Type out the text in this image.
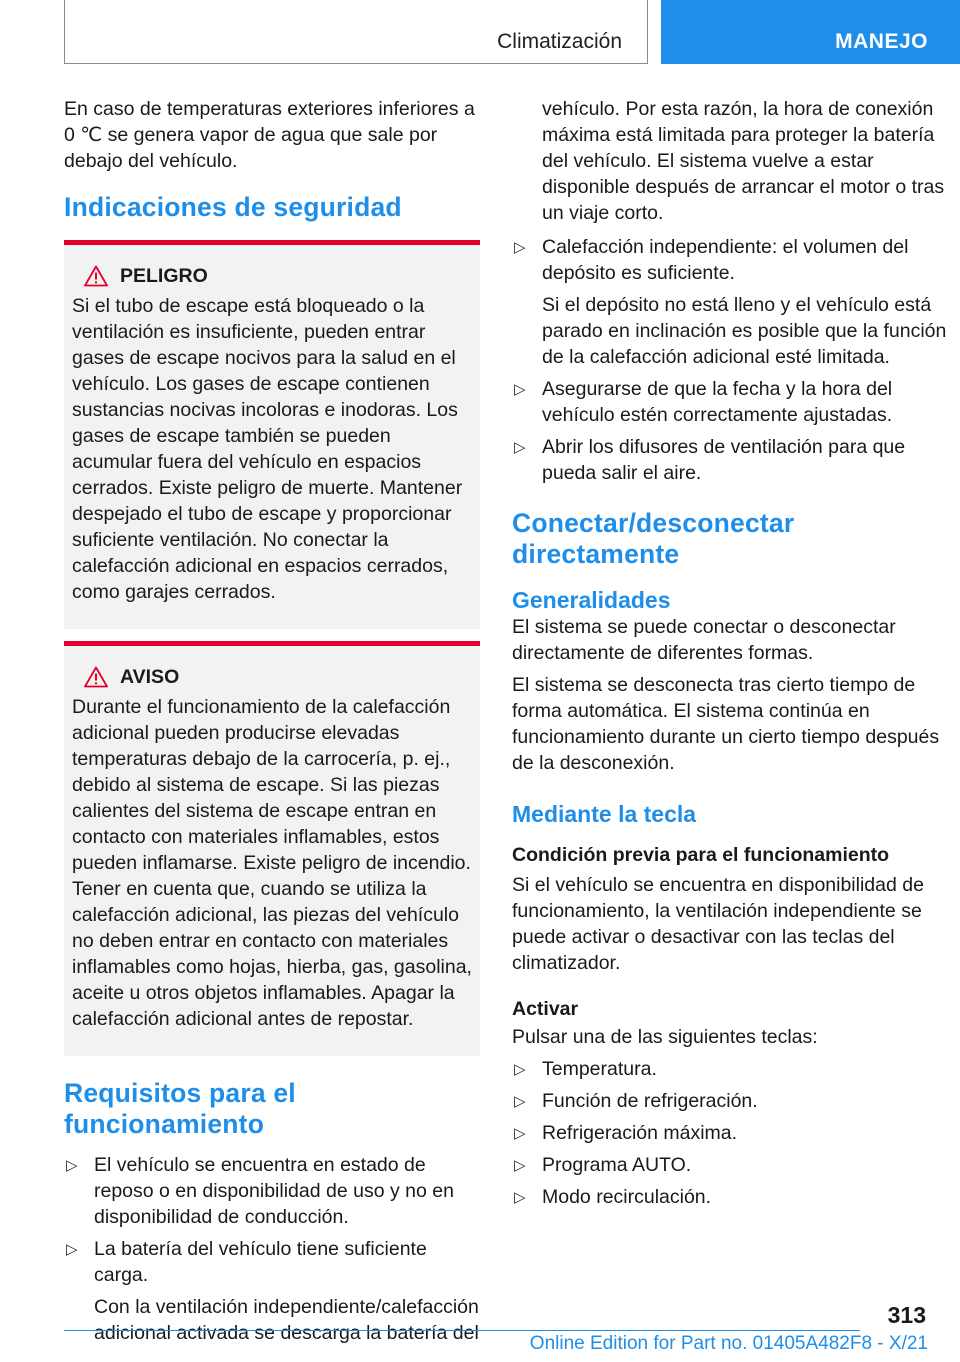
Climatización	MANEJO

En caso de temperaturas exteriores inferiores a 0 ℃ se genera vapor de agua que sale por debajo del vehículo.

Indicaciones de seguridad
PELIGRO

Si el tubo de escape está bloqueado o la ventilación es insuficiente, pueden entrar gases de escape nocivos para la salud en el vehículo. Los gases de escape contienen sustancias nocivas incoloras e inodoras. Los gases de escape también se pueden acumular fuera del vehículo en espacios cerrados. Existe peligro de muerte. Mantener despejado el tubo de escape y proporcionar suficiente ventilación. No conectar la calefacción adicional en espacios cerrados, como garajes cerrados.

AVISO

Durante el funcionamiento de la calefacción adicional pueden producirse elevadas temperaturas debajo de la carrocería, p. ej., debido al sistema de escape. Si las piezas calientes del sistema de escape entran en contacto con materiales inflamables, estos pueden inflamarse. Existe peligro de incendio. Tener en cuenta que, cuando se utiliza la calefacción adicional, las piezas del vehículo no deben entrar en contacto con materiales inflamables como hojas, hierba, gas, gasolina, aceite u otros objetos inflamables. Apagar la calefacción adicional antes de repostar.

Requisitos para el funcionamiento
▷ El vehículo se encuentra en estado de reposo o en disponibilidad de uso y no en disponibilidad de conducción.
▷ La batería del vehículo tiene suficiente carga.

Con la ventilación independiente/calefacción adicional activada se descarga la batería del

vehículo. Por esta razón, la hora de conexión máxima está limitada para proteger la batería del vehículo. El sistema vuelve a estar disponible después de arrancar el motor o tras un viaje corto.

▷ Calefacción independiente: el volumen del depósito es suficiente.

Si el depósito no está lleno y el vehículo está parado en inclinación es posible que la función de la calefacción adicional esté limitada.

▷ Asegurarse de que la fecha y la hora del vehículo estén correctamente ajustadas.
▷ Abrir los difusores de ventilación para que pueda salir el aire.
Conectar/desconectar directamente
Generalidades

El sistema se puede conectar o desconectar directamente de diferentes formas.

El sistema se desconecta tras cierto tiempo de forma automática. El sistema continúa en funcionamiento durante un cierto tiempo después de la desconexión.

Mediante la tecla
Condición previa para el funcionamiento

Si el vehículo se encuentra en disponibilidad de funcionamiento, la ventilación independiente se puede activar o desactivar con las teclas del climatizador.

Activar

Pulsar una de las siguientes teclas:

▷ Temperatura.
▷ Función de refrigeración.
▷ Refrigeración máxima.
▷ Programa AUTO.
▷ Modo recirculación.
313
Online Edition for Part no. 01405A482F8 - X/21
